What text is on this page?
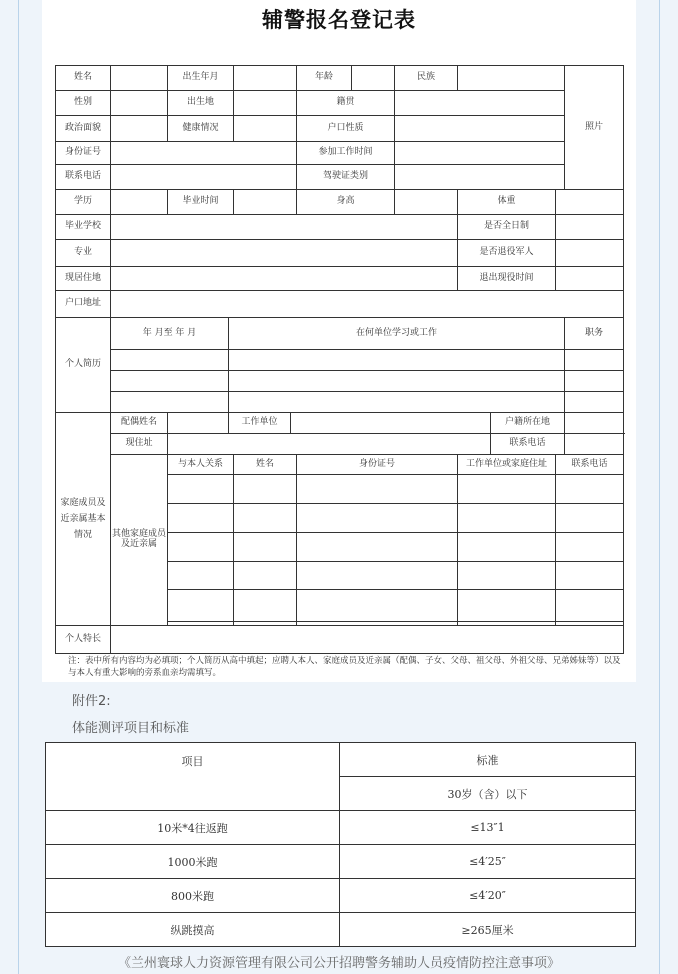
辅警报名登记表
姓名		出生年月				年龄		民族				照片
性别		出生地				籍贯						
政治面貌		健康情况				户口性质						
身份证号						参加工作时间						
联系电话						驾驶证类别						
学历		毕业时间				身高			体重			
毕业学校									是否全日制			
专业									是否退役军人			
现居住地									退出现役时间			
户口地址												
个人简历	年 月至 年 月		在何单位学习或工作									职务

家庭成员及近亲属基本情况	配偶姓名		工作单位							户籍所在地		
	现住址									联系电话		
	其他家庭成员及近亲属	与本人关系		姓名		身份证号			工作单位或家庭住址		联系电话	

个人特长												
注：表中所有内容均为必填项；个人简历从高中填起；应聘人本人、家庭成员及近亲属（配偶、子女、父母、祖父母、外祖父母、兄弟姊妹等）以及与本人有重大影响的旁系血亲均需填写。
附件2:
体能测评项目和标准
项目	标准
	30岁（含）以下
10米*4往返跑	≤13″1
1000米跑	≤4′25″
800米跑	≤4′20″
纵跳摸高	≥265厘米
《兰州寰球人力资源管理有限公司公开招聘警务辅助人员疫情防控注意事项》
